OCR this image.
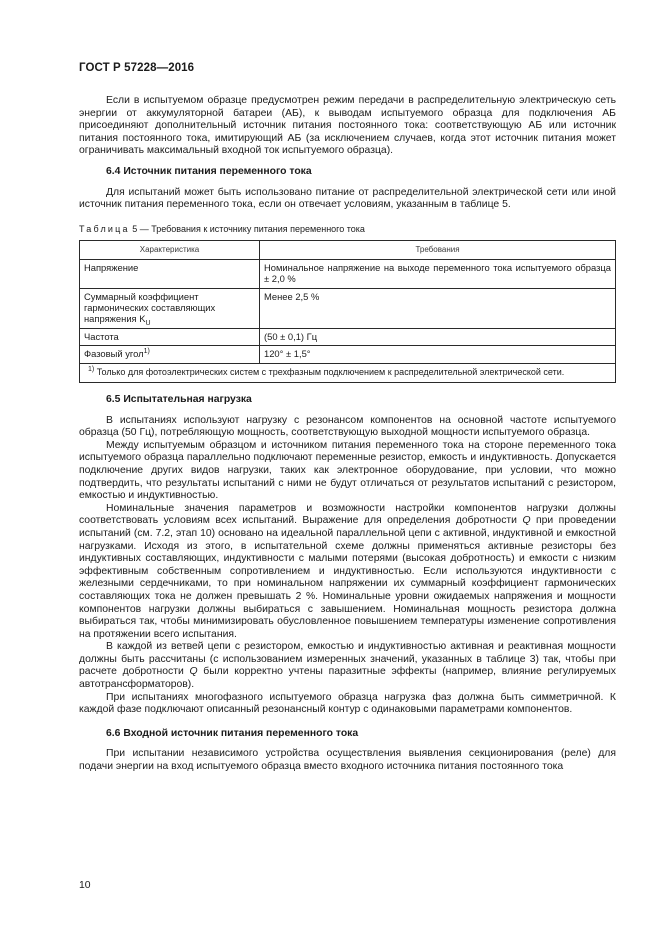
ГОСТ Р 57228—2016

Если в испытуемом образце предусмотрен режим передачи в распределительную электрическую сеть энергии от аккумуляторной батареи (АБ), к выводам испытуемого образца для подключения АБ присоединяют дополнительный источник питания постоянного тока: соответствующую АБ или источник питания постоянного тока, имитирующий АБ (за исключением случаев, когда этот источник питания может ограничивать максимальный входной ток испытуемого образца).

6.4 Источник питания переменного тока

Для испытаний может быть использовано питание от распределительной электрической сети или иной источник питания переменного тока, если он отвечает условиям, указанным в таблице 5.

Таблица 5 — Требования к источнику питания переменного тока
Характеристика	Требования
Напряжение	Номинальное напряжение на выходе переменного тока испытуемого образца ± 2,0 %
Суммарный коэффициент гармонических составляющих напряжения $K_U$	Менее 2,5 %
Частота	(50 ± 0,1) Гц
Фазовый угол$^{1)}$	120° ± 1,5°
$^{1)}$ Только для фотоэлектрических систем с трехфазным подключением к распределительной электрической сети.	
6.5 Испытательная нагрузка

В испытаниях используют нагрузку с резонансом компонентов на основной частоте испытуемого образца (50 Гц), потребляющую мощность, соответствующую выходной мощности испытуемого образца.

Между испытуемым образцом и источником питания переменного тока на стороне переменного тока испытуемого образца параллельно подключают переменные резистор, емкость и индуктивность. Допускается подключение других видов нагрузки, таких как электронное оборудование, при условии, что можно подтвердить, что результаты испытаний с ними не будут отличаться от результатов испытаний с резистором, емкостью и индуктивностью.

Номинальные значения параметров и возможности настройки компонентов нагрузки должны соответствовать условиям всех испытаний. Выражение для определения добротности Q при проведении испытаний (см. 7.2, этап 10) основано на идеальной параллельной цепи с активной, индуктивной и емкостной нагрузками. Исходя из этого, в испытательной схеме должны применяться активные резисторы без индуктивных составляющих, индуктивности с малыми потерями (высокая добротность) и емкости с низким эффективным собственным сопротивлением и индуктивностью. Если используются индуктивности с железными сердечниками, то при номинальном напряжении их суммарный коэффициент гармонических составляющих тока не должен превышать 2 %. Номинальные уровни ожидаемых напряжения и мощности компонентов нагрузки должны выбираться с завышением. Номинальная мощность резистора должна выбираться так, чтобы минимизировать обусловленное повышением температуры изменение сопротивления на протяжении всего испытания.

В каждой из ветвей цепи с резистором, емкостью и индуктивностью активная и реактивная мощности должны быть рассчитаны (с использованием измеренных значений, указанных в таблице 3) так, чтобы при расчете добротности Q были корректно учтены паразитные эффекты (например, влияние регулируемых автотрансформаторов).

При испытаниях многофазного испытуемого образца нагрузка фаз должна быть симметричной. К каждой фазе подключают описанный резонансный контур с одинаковыми параметрами компонентов.

6.6 Входной источник питания переменного тока

При испытании независимого устройства осуществления выявления секционирования (реле) для подачи энергии на вход испытуемого образца вместо входного источника питания постоянного тока

10
